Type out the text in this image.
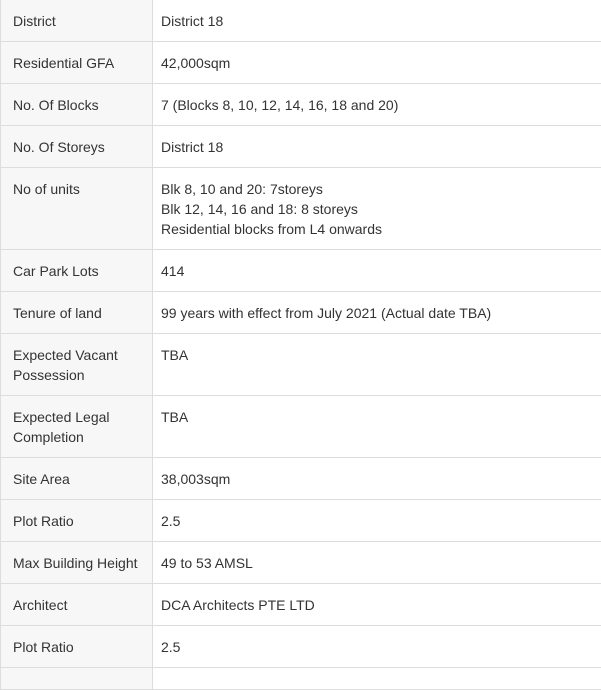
District	District 18

Residential GFA	42,000sqm

No. Of Blocks	7 (Blocks 8, 10, 12, 14, 16, 18 and 20)

No. Of Storeys	District 18

No of units	Blk 8, 10 and 20: 7storeys
Blk 12, 14, 16 and 18: 8 storeys
Residential blocks from L4 onwards

Car Park Lots	414

Tenure of land	99 years with effect from July 2021 (Actual date TBA)

Expected Vacant Possession	TBA

Expected Legal Completion	TBA

Site Area	38,003sqm

Plot Ratio	2.5

Max Building Height	49 to 53 AMSL

Architect	DCA Architects PTE LTD

Plot Ratio	2.5
